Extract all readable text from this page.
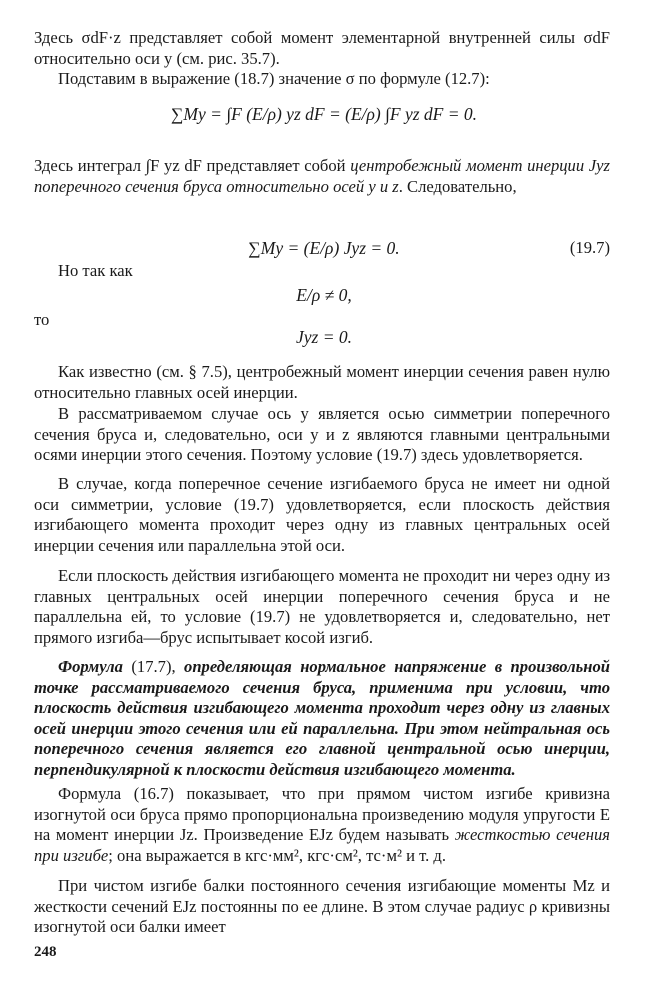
Здесь σdF·z представляет собой момент элементарной внутренней силы σdF относительно оси y (см. рис. 35.7).

Подставим в выражение (18.7) значение σ по формуле (12.7):

∑My = ∫F (E/ρ) yz dF = (E/ρ) ∫F yz dF = 0.

Здесь интеграл ∫F yz dF представляет собой центробежный момент инерции Jyz поперечного сечения бруса относительно осей y и z. Следовательно,

∑My = (E/ρ) Jyz = 0.	(19.7)
Но так как
E/ρ ≠ 0,
то
Jyz = 0.

Как известно (см. § 7.5), центробежный момент инерции сечения равен нулю относительно главных осей инерции.

В рассматриваемом случае ось y является осью симметрии поперечного сечения бруса и, следовательно, оси y и z являются главными центральными осями инерции этого сечения. Поэтому условие (19.7) здесь удовлетворяется.

В случае, когда поперечное сечение изгибаемого бруса не имеет ни одной оси симметрии, условие (19.7) удовлетворяется, если плоскость действия изгибающего момента проходит через одну из главных центральных осей инерции сечения или параллельна этой оси.

Если плоскость действия изгибающего момента не проходит ни через одну из главных центральных осей инерции поперечного сечения бруса и не параллельна ей, то условие (19.7) не удовлетворяется и, следовательно, нет прямого изгиба—брус испытывает косой изгиб.

Формула (17.7), определяющая нормальное напряжение в произвольной точке рассматриваемого сечения бруса, применима при условии, что плоскость действия изгибающего момента проходит через одну из главных осей инерции этого сечения или ей параллельна. При этом нейтральная ось поперечного сечения является его главной центральной осью инерции, перпендикулярной к плоскости действия изгибающего момента.

Формула (16.7) показывает, что при прямом чистом изгибе кривизна изогнутой оси бруса прямо пропорциональна произведению модуля упругости E на момент инерции Jz. Произведение EJz будем называть жесткостью сечения при изгибе; она выражается в кгс·мм², кгс·см², тс·м² и т. д.

При чистом изгибе балки постоянного сечения изгибающие моменты Mz и жесткости сечений EJz постоянны по ее длине. В этом случае радиус ρ кривизны изогнутой оси балки имеет

248
